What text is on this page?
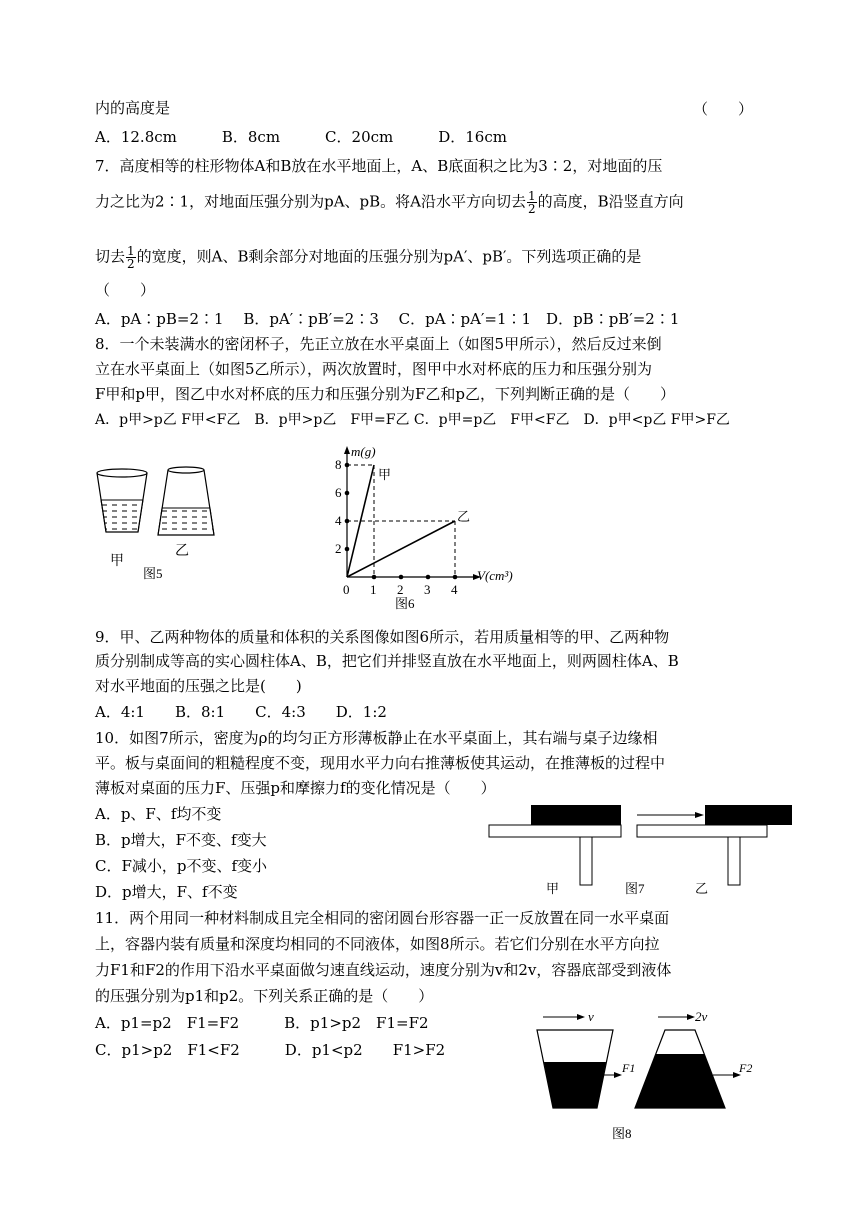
内的高度是	（　　）
A．12.8cm　　　B．8cm　　　C．20cm　　　D．16cm
7．高度相等的柱形物体A和B放在水平地面上，A、B底面积之比为3∶2，对地面的压
力之比为2∶1，对地面压强分别为pA、pB。将A沿水平方向切去 $\frac{1}{2}$ 的高度，B沿竖直方向
切去 $\frac{1}{2}$ 的宽度，则A、B剩余部分对地面的压强分别为pA′、pB′。下列选项正确的是
（　　）
A．pA∶pB=2∶1　 B．pA′∶pB′=2∶3　 C．pA∶pA′=1∶1　D．pB∶pB′=2∶1
8．一个未装满水的密闭杯子，先正立放在水平桌面上（如图5甲所示），然后反过来倒
立在水平桌面上（如图5乙所示），两次放置时，图甲中水对杯底的压力和压强分别为
F甲和p甲，图乙中水对杯底的压力和压强分别为F乙和p乙，下列判断正确的是（　　）
A．p甲>p乙 F甲<F乙　B．p甲>p乙　F甲=F乙 C．p甲=p乙　F甲<F乙　D．p甲<p乙 F甲>F乙
甲
乙
图5
m(g)
V(cm³)
图6
2
4
6
8
0 1 2 3 4
甲
乙
9．甲、乙两种物体的质量和体积的关系图像如图6所示，若用质量相等的甲、乙两种物
质分别制成等高的实心圆柱体A、B，把它们并排竖直放在水平地面上，则两圆柱体A、B
对水平地面的压强之比是(　　)
A．4:1　　B．8:1　　C．4:3　　D．1:2
10．如图7所示，密度为ρ的均匀正方形薄板静止在水平桌面上，其右端与桌子边缘相
平。板与桌面间的粗糙程度不变，现用水平力向右推薄板使其运动，在推薄板的过程中
薄板对桌面的压力F、压强p和摩擦力f的变化情况是（　　）
A．p、F、f均不变
B．p增大，F不变、f变大
C．F减小，p不变、f变小
D．p增大，F、f不变	甲	图7	乙
11．两个用同一种材料制成且完全相同的密闭圆台形容器一正一反放置在同一水平桌面
上，容器内装有质量和深度均相同的不同液体，如图8所示。若它们分别在水平方向拉
力F1和F2的作用下沿水平桌面做匀速直线运动，速度分别为v和2v，容器底部受到液体
的压强分别为p1和p2。下列关系正确的是（　　）
A．p1=p2　F1=F2　　　B．p1>p2　F1=F2
C．p1>p2　F1<F2　　　D．p1<p2　　F1>F2
v
F1
2v
F2
图8
